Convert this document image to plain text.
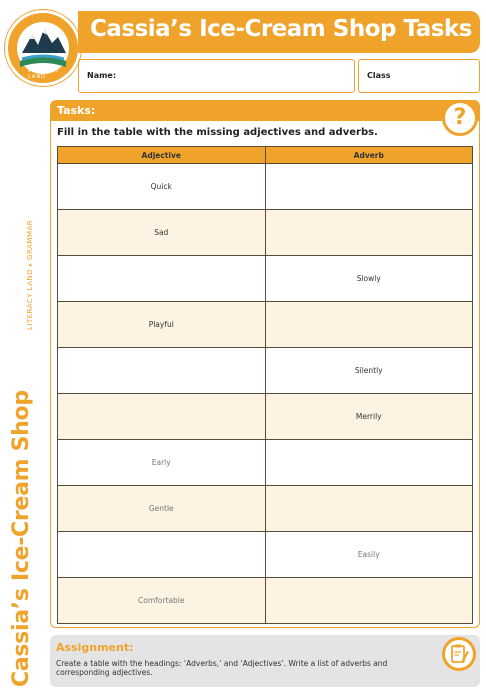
LITERACY LAND
Cassia’s Ice-Cream Shop Tasks
Name:	Class
LITERACY LAND ▸ GRAMMAR
Cassia’s Ice-Cream Shop
Tasks:
Fill in the table with the missing adjectives and adverbs.
Adjective	Adverb
Quick	
Sad	
	Slowly
Playful	
	Silently
	Merrily
Early	
Gentle	
	Easily
Comfortable	
?
Assignment:
Create a table with the headings: ‘Adverbs,’ and ‘Adjectives’. Write a list of adverbs and corresponding adjectives.
